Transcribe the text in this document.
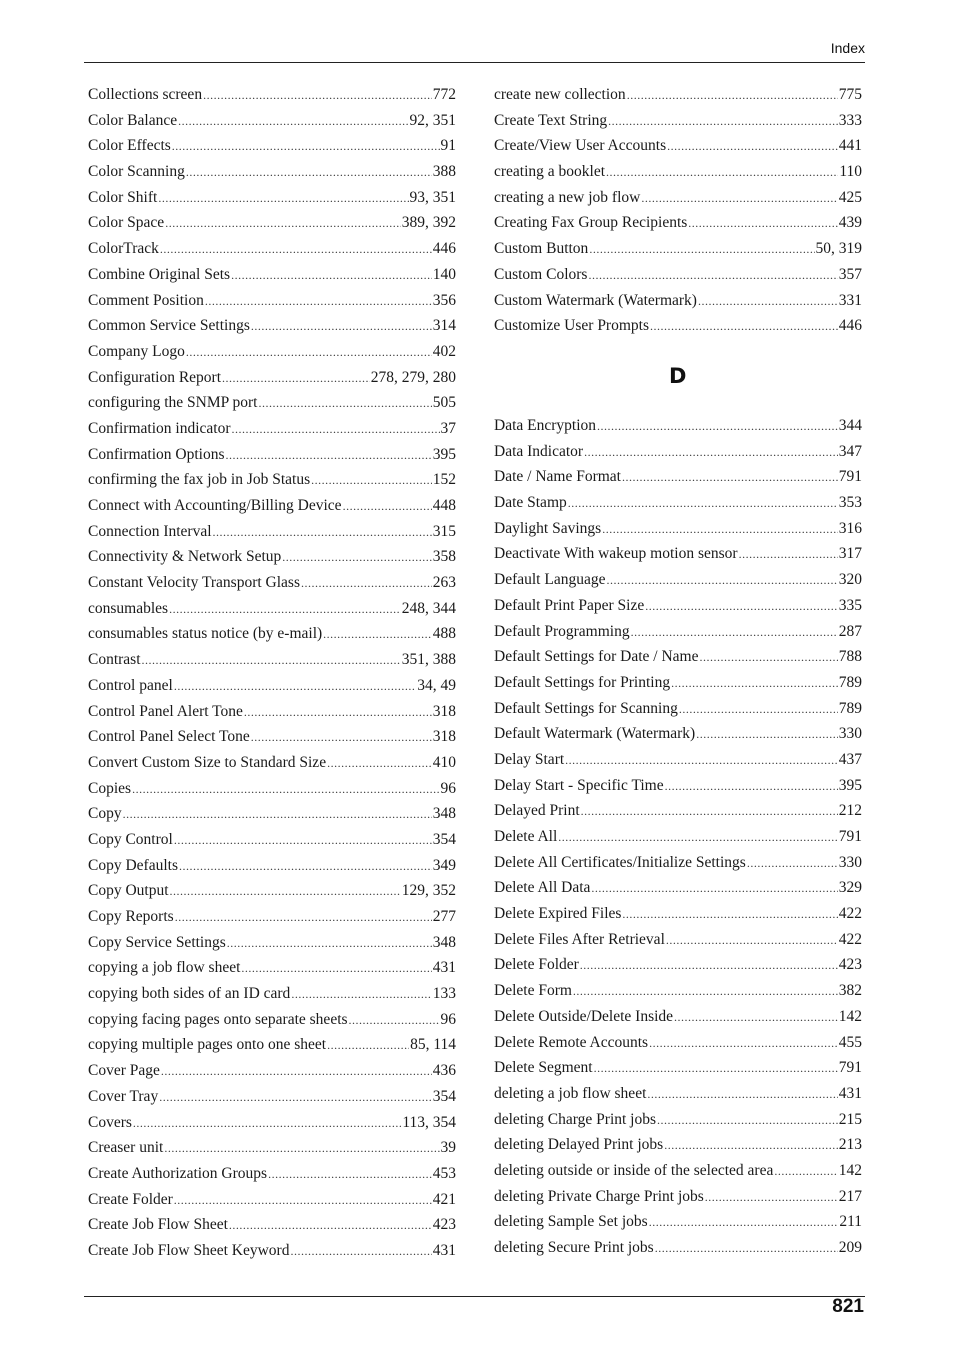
Index
Collections screen .....	772
Color Balance .....	92, 351
Color Effects .....	91
Color Scanning .....	388
Color Shift .....	93, 351
Color Space .....	389, 392
ColorTrack .....	446
Combine Original Sets .....	140
Comment Position .....	356
Common Service Settings .....	314
Company Logo .....	402
Configuration Report .....	278, 279, 280
configuring the SNMP port .....	505
Confirmation indicator .....	37
Confirmation Options .....	395
confirming the fax job in Job Status .....	152
Connect with Accounting/Billing Device .....	448
Connection Interval .....	315
Connectivity & Network Setup .....	358
Constant Velocity Transport Glass .....	263
consumables .....	248, 344
consumables status notice (by e-mail) .....	488
Contrast .....	351, 388
Control panel .....	34, 49
Control Panel Alert Tone .....	318
Control Panel Select Tone .....	318
Convert Custom Size to Standard Size .....	410
Copies .....	96
Copy .....	348
Copy Control .....	354
Copy Defaults .....	349
Copy Output .....	129, 352
Copy Reports .....	277
Copy Service Settings .....	348
copying a job flow sheet .....	431
copying both sides of an ID card .....	133
copying facing pages onto separate sheets .....	96
copying multiple pages onto one sheet .....	85, 114
Cover Page .....	436
Cover Tray .....	354
Covers .....	113, 354
Creaser unit .....	39
Create Authorization Groups .....	453
Create Folder .....	421
Create Job Flow Sheet .....	423
Create Job Flow Sheet Keyword .....	431
create new collection .....	775
Create Text String .....	333
Create/View User Accounts .....	441
creating a booklet .....	110
creating a new job flow .....	425
Creating Fax Group Recipients .....	439
Custom Button .....	50, 319
Custom Colors .....	357
Custom Watermark (Watermark) .....	331
Customize User Prompts .....	446
D
Data Encryption .....	344
Data Indicator .....	347
Date / Name Format .....	791
Date Stamp .....	353
Daylight Savings .....	316
Deactivate With wakeup motion sensor .....	317
Default Language .....	320
Default Print Paper Size .....	335
Default Programming .....	287
Default Settings for Date / Name .....	788
Default Settings for Printing .....	789
Default Settings for Scanning .....	789
Default Watermark (Watermark) .....	330
Delay Start .....	437
Delay Start - Specific Time .....	395
Delayed Print .....	212
Delete All .....	791
Delete All Certificates/Initialize Settings .....	330
Delete All Data .....	329
Delete Expired Files .....	422
Delete Files After Retrieval .....	422
Delete Folder .....	423
Delete Form .....	382
Delete Outside/Delete Inside .....	142
Delete Remote Accounts .....	455
Delete Segment .....	791
deleting a job flow sheet .....	431
deleting Charge Print jobs .....	215
deleting Delayed Print jobs .....	213
deleting outside or inside of the selected area .....	142
deleting Private Charge Print jobs .....	217
deleting Sample Set jobs .....	211
deleting Secure Print jobs .....	209
821
